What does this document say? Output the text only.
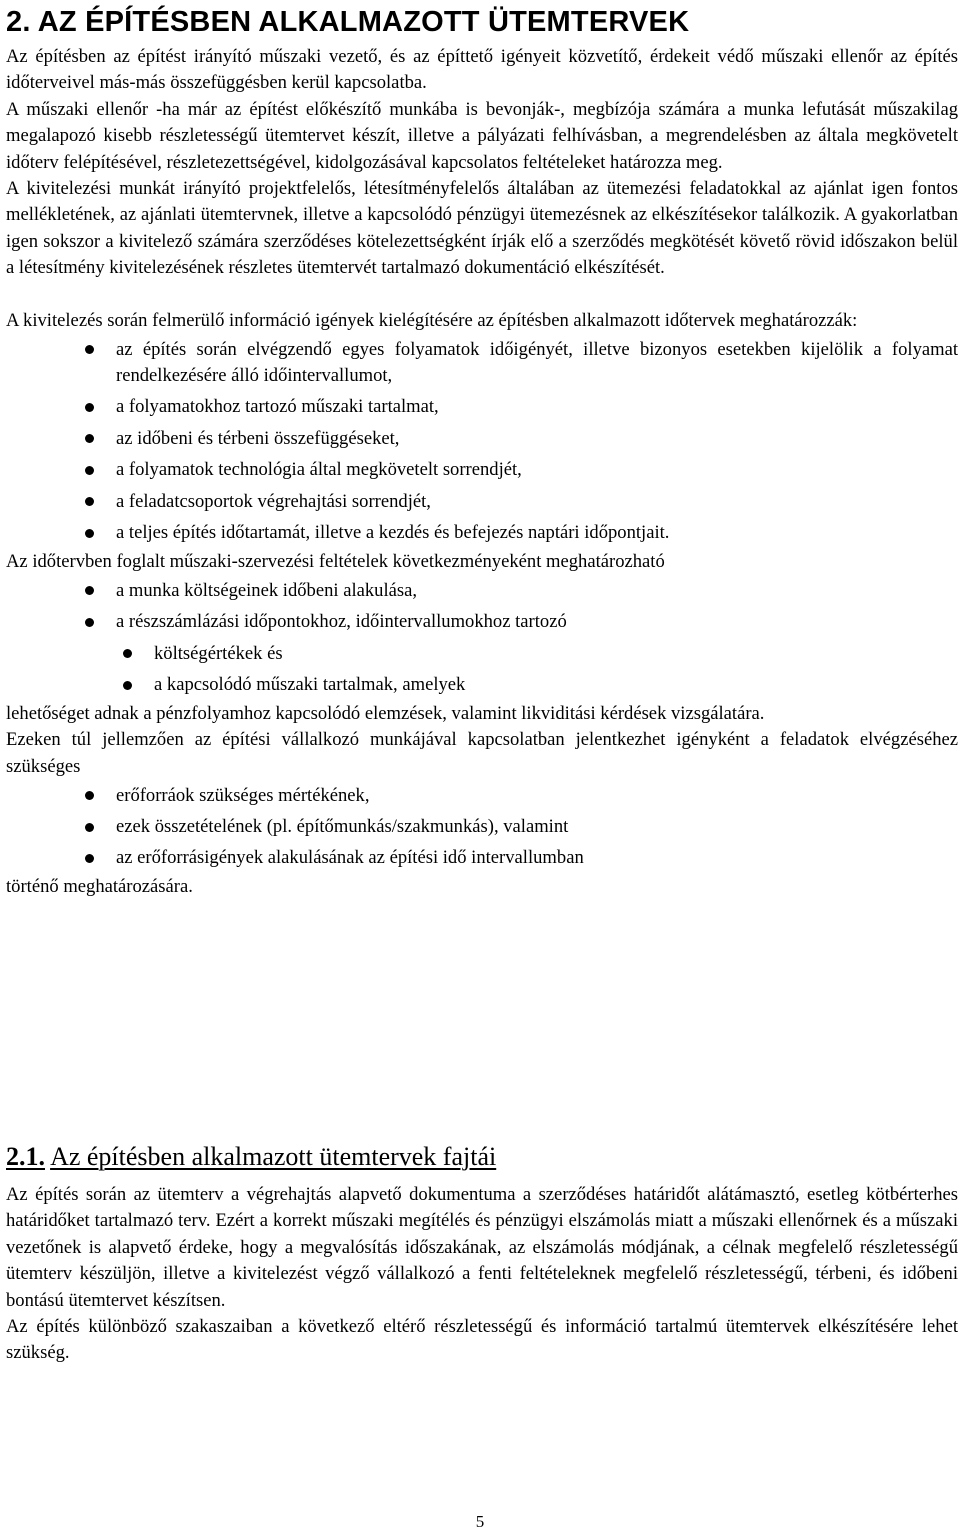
2. AZ ÉPÍTÉSBEN ALKALMAZOTT ÜTEMTERVEK

Az építésben az építést irányító műszaki vezető, és az építtető igényeit közvetítő, érdekeit védő műszaki ellenőr az építés időterveivel más-más összefüggésben kerül kapcsolatba.

A műszaki ellenőr -ha már az építést előkészítő munkába is bevonják-, megbízója számára a munka lefutását műszakilag megalapozó kisebb részletességű ütemtervet készít, illetve a pályázati felhívásban, a megrendelésben az általa megkövetelt időterv felépítésével, részletezettségével, kidolgozásával kapcsolatos feltételeket határozza meg.

A kivitelezési munkát irányító projektfelelős, létesítményfelelős általában az ütemezési feladatokkal az ajánlat igen fontos mellékletének, az ajánlati ütemtervnek, illetve a kapcsolódó pénzügyi ütemezésnek az elkészítésekor találkozik. A gyakorlatban igen sokszor a kivitelező számára szerződéses kötelezettségként írják elő a szerződés megkötését követő rövid időszakon belül a létesítmény kivitelezésének részletes ütemtervét tartalmazó dokumentáció elkészítését.

A kivitelezés során felmerülő információ igények kielégítésére az építésben alkalmazott időtervek meghatározzák:

az építés során elvégzendő egyes folyamatok időigényét, illetve bizonyos esetekben kijelölik a folyamat rendelkezésére álló időintervallumot,
a folyamatokhoz tartozó műszaki tartalmat,
az időbeni és térbeni összefüggéseket,
a folyamatok technológia által megkövetelt sorrendjét,
a feladatcsoportok végrehajtási sorrendjét,
a teljes építés időtartamát, illetve a kezdés és befejezés naptári időpontjait.

Az időtervben foglalt műszaki-szervezési feltételek következményeként meghatározható

a munka költségeinek időbeni alakulása,
a részszámlázási időpontokhoz, időintervallumokhoz tartozó
költségértékek és
a kapcsolódó műszaki tartalmak, amelyek

lehetőséget adnak a pénzfolyamhoz kapcsolódó elemzések, valamint likviditási kérdések vizsgálatára.

Ezeken túl jellemzően az építési vállalkozó munkájával kapcsolatban jelentkezhet igényként a feladatok elvégzéséhez szükséges

erőforráok szükséges mértékének,
ezek összetételének (pl. építőmunkás/szakmunkás), valamint
az erőforrásigények alakulásának az építési idő intervallumban

történő meghatározására.

2.1. Az építésben alkalmazott ütemtervek fajtái

Az építés során az ütemterv a végrehajtás alapvető dokumentuma a szerződéses határidőt alátámasztó, esetleg kötbérterhes határidőket tartalmazó terv. Ezért a korrekt műszaki megítélés és pénzügyi elszámolás miatt a műszaki ellenőrnek és a műszaki vezetőnek is alapvető érdeke, hogy a megvalósítás időszakának, az elszámolás módjának, a célnak megfelelő részletességű ütemterv készüljön, illetve a kivitelezést végző vállalkozó a fenti feltételeknek megfelelő részletességű, térbeni, és időbeni bontású ütemtervet készítsen.

Az építés különböző szakaszaiban a következő eltérő részletességű és információ tartalmú ütemtervek elkészítésére lehet szükség.

5
